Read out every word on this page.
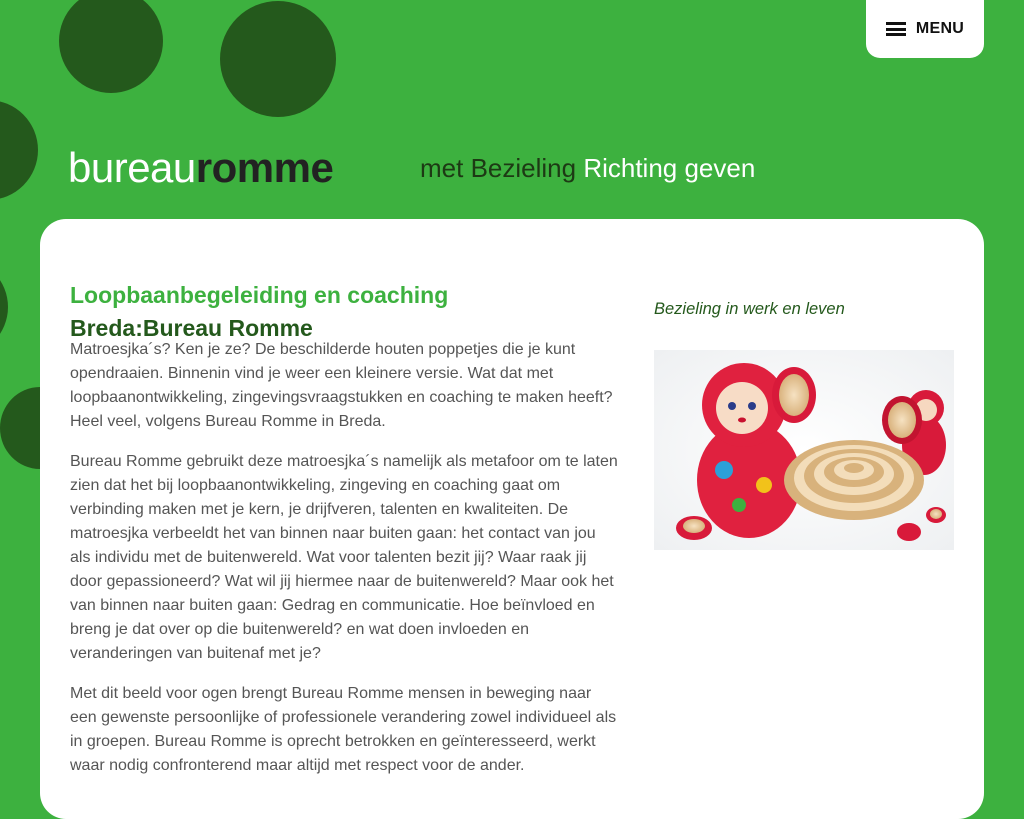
MENU
bureauromme	met Bezieling Richting geven
Loopbaanbegeleiding en coaching
Breda:Bureau Romme

Matroesjka´s? Ken je ze? De beschilderde houten poppetjes die je kunt opendraaien. Binnenin vind je weer een kleinere versie. Wat dat met loopbaanontwikkeling, zingevingsvraagstukken en coaching te maken heeft? Heel veel, volgens Bureau Romme in Breda.

Bureau Romme gebruikt deze matroesjka´s namelijk als metafoor om te laten zien dat het bij loopbaanontwikkeling, zingeving en coaching gaat om verbinding maken met je kern, je drijfveren, talenten en kwaliteiten. De matroesjka verbeeldt het van binnen naar buiten gaan: het contact van jou als individu met de buitenwereld. Wat voor talenten bezit jij? Waar raak jij door gepassioneerd? Wat wil jij hiermee naar de buitenwereld? Maar ook het van binnen naar buiten gaan: Gedrag en communicatie. Hoe beïnvloed en breng je dat over op die buitenwereld? en wat doen invloeden en veranderingen van buitenaf met je?

Met dit beeld voor ogen brengt Bureau Romme mensen in beweging naar een gewenste persoonlijke of professionele verandering zowel individueel als in groepen. Bureau Romme is oprecht betrokken en geïnteresseerd, werkt waar nodig confronterend maar altijd met respect voor de ander.

Bezieling in werk en leven
